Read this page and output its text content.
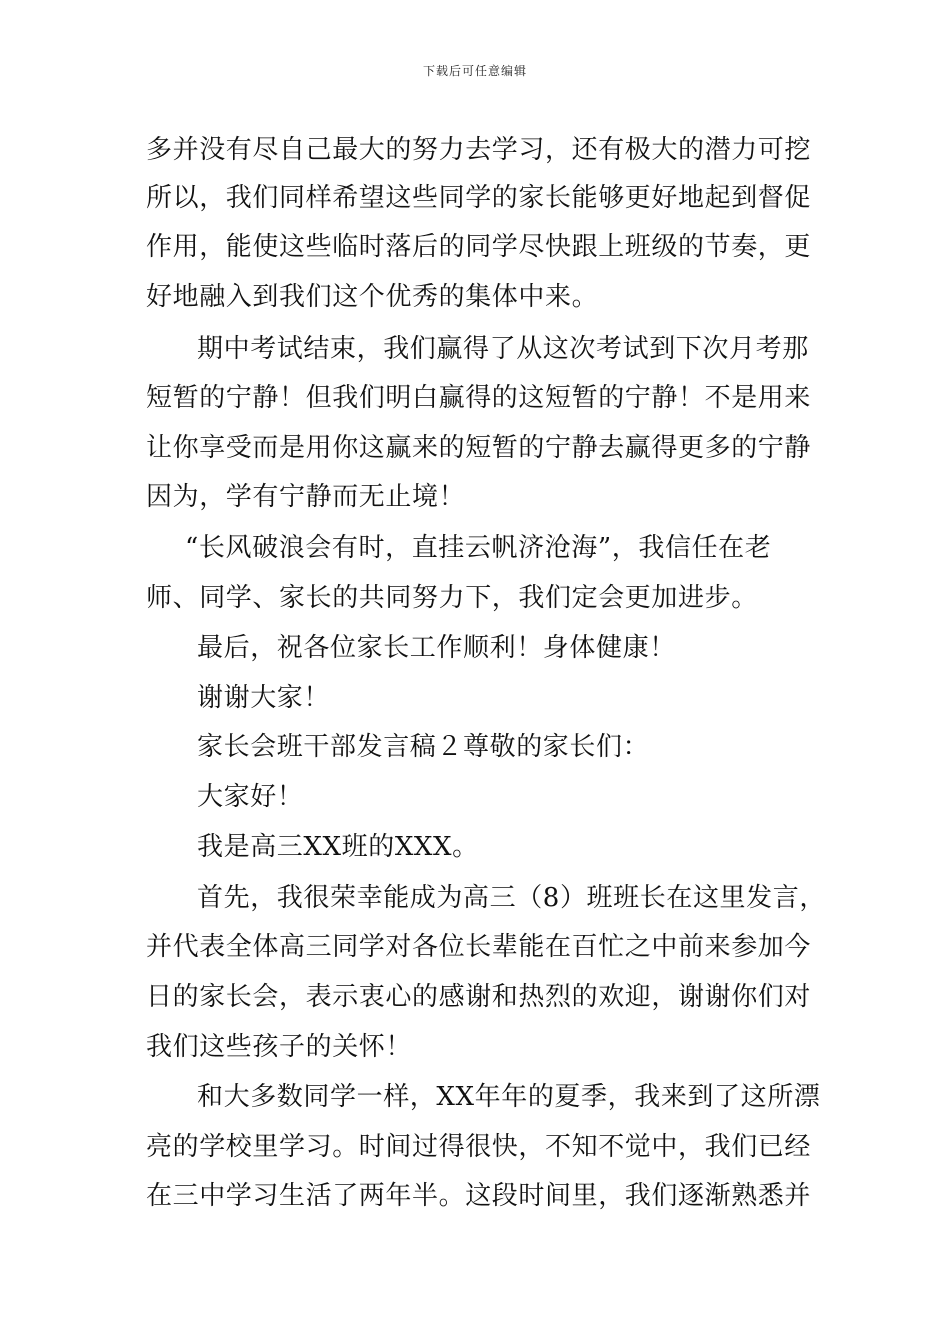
下载后可任意编辑
多并没有尽自己最大的努力去学习，还有极大的潜力可挖
所以，我们同样希望这些同学的家长能够更好地起到督促
作用，能使这些临时落后的同学尽快跟上班级的节奏，更
好地融入到我们这个优秀的集体中来。
期中考试结束，我们赢得了从这次考试到下次月考那
短暂的宁静！但我们明白赢得的这短暂的宁静！不是用来
让你享受而是用你这赢来的短暂的宁静去赢得更多的宁静
因为，学有宁静而无止境！
“长风破浪会有时，直挂云帆济沧海”，我信任在老
师、同学、家长的共同努力下，我们定会更加进步。
最后，祝各位家长工作顺利！身体健康！
谢谢大家！
家长会班干部发言稿２尊敬的家长们：
大家好！
我是高三XX班的XXX。
首先，我很荣幸能成为高三（8）班班长在这里发言，
并代表全体高三同学对各位长辈能在百忙之中前来参加今
日的家长会，表示衷心的感谢和热烈的欢迎，谢谢你们对
我们这些孩子的关怀！
和大多数同学一样，XX年年的夏季，我来到了这所漂
亮的学校里学习。时间过得很快，不知不觉中，我们已经
在三中学习生活了两年半。这段时间里，我们逐渐熟悉并
